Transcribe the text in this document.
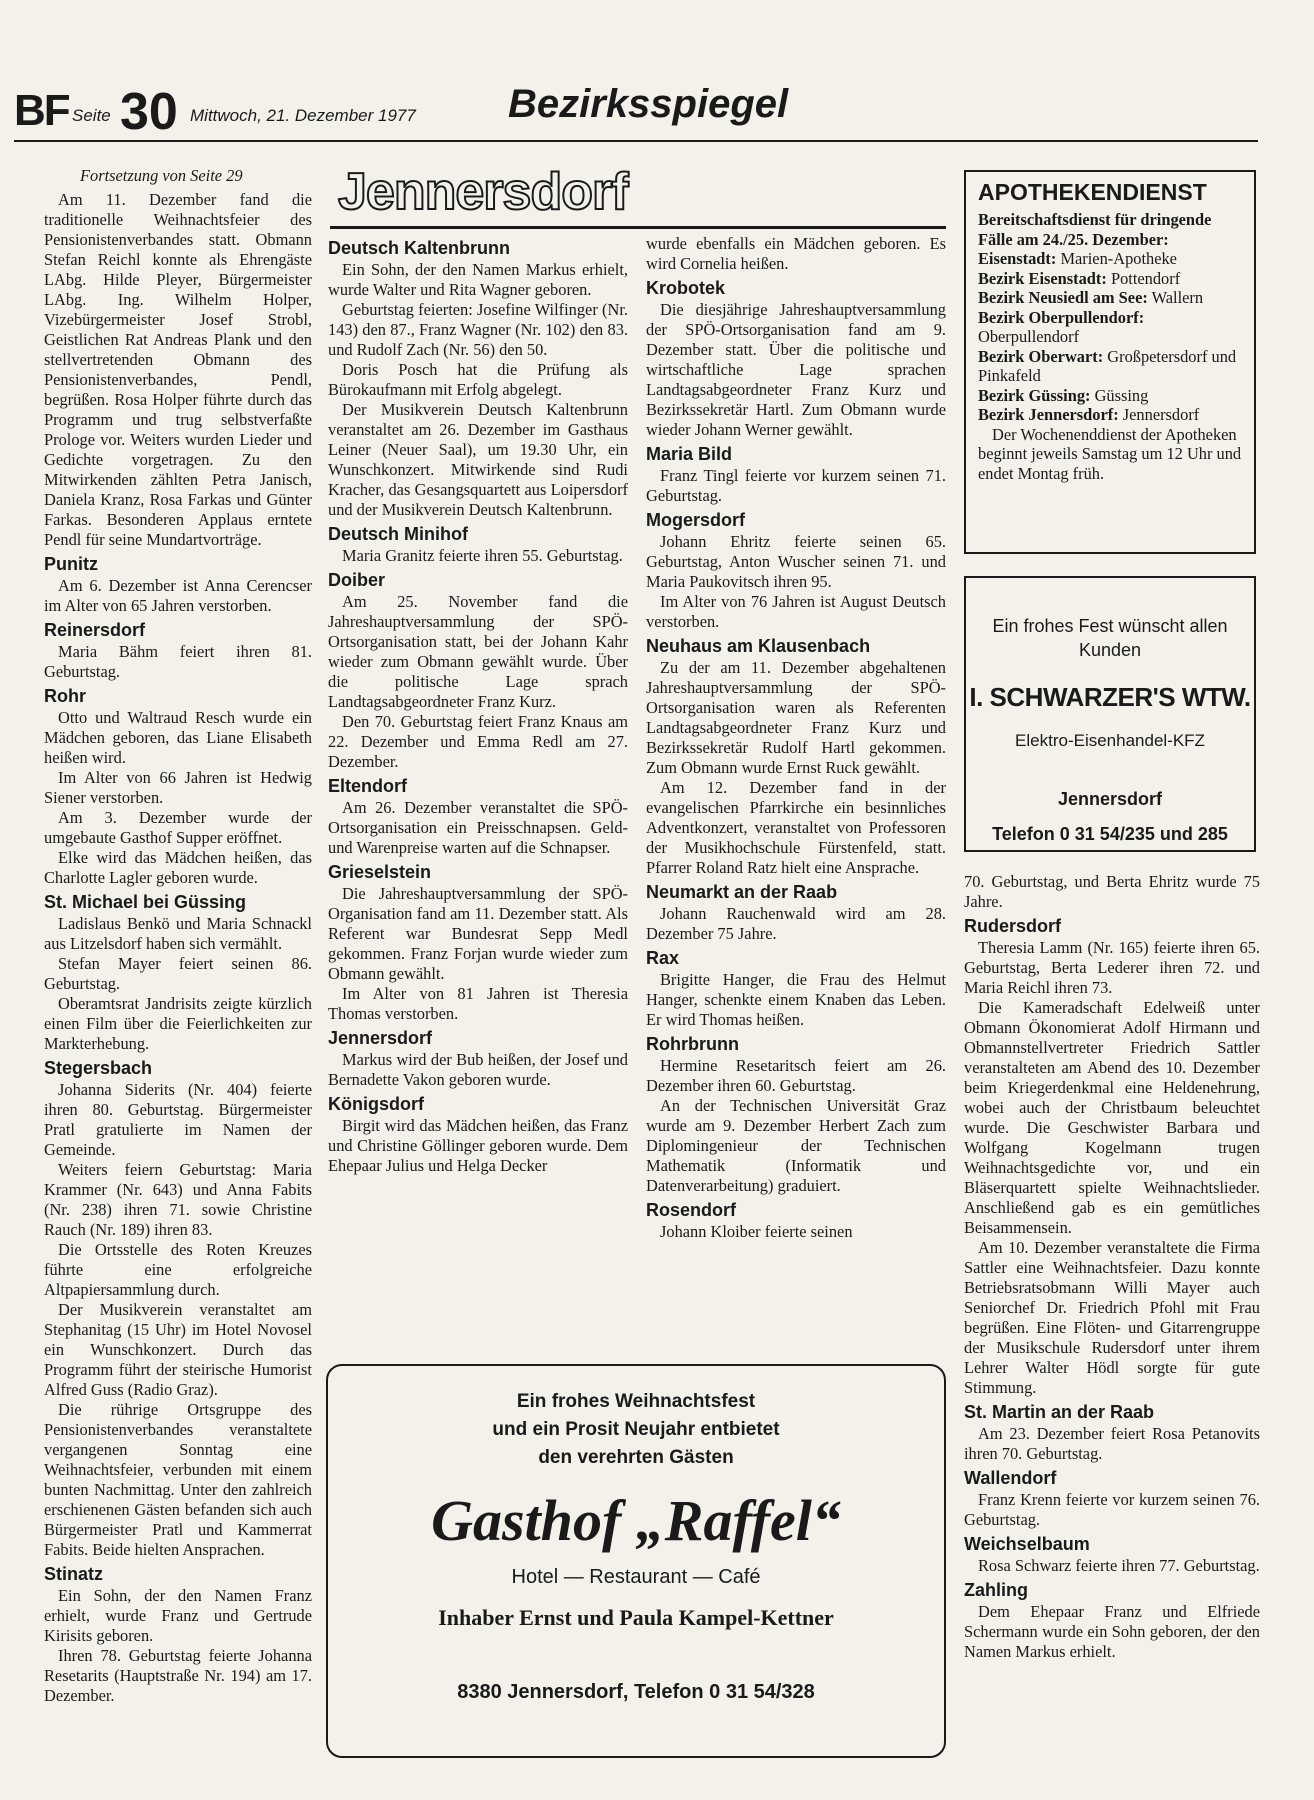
BF Seite 30 Mittwoch, 21. Dezember 1977 Bezirksspiegel

Fortsetzung von Seite 29

Am 11. Dezember fand die traditionelle Weihnachtsfeier des Pensionistenverbandes statt. Obmann Stefan Reichl konnte als Ehrengäste LAbg. Hilde Pleyer, Bürgermeister LAbg. Ing. Wilhelm Holper, Vizebürgermeister Josef Strobl, Geistlichen Rat Andreas Plank und den stellvertretenden Obmann des Pensionistenverbandes, Pendl, begrüßen. Rosa Holper führte durch das Programm und trug selbstverfaßte Prologe vor. Weiters wurden Lieder und Gedichte vorgetragen. Zu den Mitwirkenden zählten Petra Janisch, Daniela Kranz, Rosa Farkas und Günter Farkas. Besonderen Applaus erntete Pendl für seine Mundartvorträge.

Punitz

Am 6. Dezember ist Anna Cerencser im Alter von 65 Jahren verstorben.

Reinersdorf

Maria Bähm feiert ihren 81. Geburtstag.

Rohr

Otto und Waltraud Resch wurde ein Mädchen geboren, das Liane Elisabeth heißen wird.

Im Alter von 66 Jahren ist Hedwig Siener verstorben.

Am 3. Dezember wurde der umgebaute Gasthof Supper eröffnet.

Elke wird das Mädchen heißen, das Charlotte Lagler geboren wurde.

St. Michael bei Güssing

Ladislaus Benkö und Maria Schnackl aus Litzelsdorf haben sich vermählt.

Stefan Mayer feiert seinen 86. Geburtstag.

Oberamtsrat Jandrisits zeigte kürzlich einen Film über die Feierlichkeiten zur Markterhebung.

Stegersbach

Johanna Siderits (Nr. 404) feierte ihren 80. Geburtstag. Bürgermeister Pratl gratulierte im Namen der Gemeinde.

Weiters feiern Geburtstag: Maria Krammer (Nr. 643) und Anna Fabits (Nr. 238) ihren 71. sowie Christine Rauch (Nr. 189) ihren 83.

Die Ortsstelle des Roten Kreuzes führte eine erfolgreiche Altpapiersammlung durch.

Der Musikverein veranstaltet am Stephanitag (15 Uhr) im Hotel Novosel ein Wunschkonzert. Durch das Programm führt der steirische Humorist Alfred Guss (Radio Graz).

Die rührige Ortsgruppe des Pensionistenverbandes veranstaltete vergangenen Sonntag eine Weihnachtsfeier, verbunden mit einem bunten Nachmittag. Unter den zahlreich erschienenen Gästen befanden sich auch Bürgermeister Pratl und Kammerrat Fabits. Beide hielten Ansprachen.

Stinatz

Ein Sohn, der den Namen Franz erhielt, wurde Franz und Gertrude Kirisits geboren.

Ihren 78. Geburtstag feierte Johanna Resetarits (Hauptstraße Nr. 194) am 17. Dezember.

Jennersdorf
Deutsch Kaltenbrunn

Ein Sohn, der den Namen Markus erhielt, wurde Walter und Rita Wagner geboren.

Geburtstag feierten: Josefine Wilfinger (Nr. 143) den 87., Franz Wagner (Nr. 102) den 83. und Rudolf Zach (Nr. 56) den 50.

Doris Posch hat die Prüfung als Bürokaufmann mit Erfolg abgelegt.

Der Musikverein Deutsch Kaltenbrunn veranstaltet am 26. Dezember im Gasthaus Leiner (Neuer Saal), um 19.30 Uhr, ein Wunschkonzert. Mitwirkende sind Rudi Kracher, das Gesangsquartett aus Loipersdorf und der Musikverein Deutsch Kaltenbrunn.

Deutsch Minihof

Maria Granitz feierte ihren 55. Geburtstag.

Doiber

Am 25. November fand die Jahreshauptversammlung der SPÖ-Ortsorganisation statt, bei der Johann Kahr wieder zum Obmann gewählt wurde. Über die politische Lage sprach Landtagsabgeordneter Franz Kurz.

Den 70. Geburtstag feiert Franz Knaus am 22. Dezember und Emma Redl am 27. Dezember.

Eltendorf

Am 26. Dezember veranstaltet die SPÖ-Ortsorganisation ein Preisschnapsen. Geld- und Warenpreise warten auf die Schnapser.

Grieselstein

Die Jahreshauptversammlung der SPÖ-Organisation fand am 11. Dezember statt. Als Referent war Bundesrat Sepp Medl gekommen. Franz Forjan wurde wieder zum Obmann gewählt.

Im Alter von 81 Jahren ist Theresia Thomas verstorben.

Jennersdorf

Markus wird der Bub heißen, der Josef und Bernadette Vakon geboren wurde.

Königsdorf

Birgit wird das Mädchen heißen, das Franz und Christine Göllinger geboren wurde. Dem Ehepaar Julius und Helga Decker

wurde ebenfalls ein Mädchen geboren. Es wird Cornelia heißen.

Krobotek

Die diesjährige Jahreshauptversammlung der SPÖ-Ortsorganisation fand am 9. Dezember statt. Über die politische und wirtschaftliche Lage sprachen Landtagsabgeordneter Franz Kurz und Bezirkssekretär Hartl. Zum Obmann wurde wieder Johann Werner gewählt.

Maria Bild

Franz Tingl feierte vor kurzem seinen 71. Geburtstag.

Mogersdorf

Johann Ehritz feierte seinen 65. Geburtstag, Anton Wuscher seinen 71. und Maria Paukovitsch ihren 95.

Im Alter von 76 Jahren ist August Deutsch verstorben.

Neuhaus am Klausenbach

Zu der am 11. Dezember abgehaltenen Jahreshauptversammlung der SPÖ-Ortsorganisation waren als Referenten Landtagsabgeordneter Franz Kurz und Bezirkssekretär Rudolf Hartl gekommen. Zum Obmann wurde Ernst Ruck gewählt.

Am 12. Dezember fand in der evangelischen Pfarrkirche ein besinnliches Adventkonzert, veranstaltet von Professoren der Musikhochschule Fürstenfeld, statt. Pfarrer Roland Ratz hielt eine Ansprache.

Neumarkt an der Raab

Johann Rauchenwald wird am 28. Dezember 75 Jahre.

Rax

Brigitte Hanger, die Frau des Helmut Hanger, schenkte einem Knaben das Leben. Er wird Thomas heißen.

Rohrbrunn

Hermine Resetaritsch feiert am 26. Dezember ihren 60. Geburtstag.

An der Technischen Universität Graz wurde am 9. Dezember Herbert Zach zum Diplomingenieur der Technischen Mathematik (Informatik und Datenverarbeitung) graduiert.

Rosendorf

Johann Kloiber feierte seinen

APOTHEKENDIENST

Bereitschaftsdienst für dringende Fälle am 24./25. Dezember:

Eisenstadt: Marien-Apotheke

Bezirk Eisenstadt: Pottendorf

Bezirk Neusiedl am See: Wallern

Bezirk Oberpullendorf: Oberpullendorf

Bezirk Oberwart: Großpetersdorf und Pinkafeld

Bezirk Güssing: Güssing

Bezirk Jennersdorf: Jennersdorf

Der Wochenenddienst der Apotheken beginnt jeweils Samstag um 12 Uhr und endet Montag früh.

Ein frohes Fest wünscht allen Kunden
I. SCHWARZER'S WTW.
Elektro-Eisenhandel-KFZ
Jennersdorf
Telefon 0 31 54/235 und 285

70. Geburtstag, und Berta Ehritz wurde 75 Jahre.

Rudersdorf

Theresia Lamm (Nr. 165) feierte ihren 65. Geburtstag, Berta Lederer ihren 72. und Maria Reichl ihren 73.

Die Kameradschaft Edelweiß unter Obmann Ökonomierat Adolf Hirmann und Obmannstellvertreter Friedrich Sattler veranstalteten am Abend des 10. Dezember beim Kriegerdenkmal eine Heldenehrung, wobei auch der Christbaum beleuchtet wurde. Die Geschwister Barbara und Wolfgang Kogelmann trugen Weihnachtsgedichte vor, und ein Bläserquartett spielte Weihnachtslieder. Anschließend gab es ein gemütliches Beisammensein.

Am 10. Dezember veranstaltete die Firma Sattler eine Weihnachtsfeier. Dazu konnte Betriebsratsobmann Willi Mayer auch Seniorchef Dr. Friedrich Pfohl mit Frau begrüßen. Eine Flöten- und Gitarrengruppe der Musikschule Rudersdorf unter ihrem Lehrer Walter Hödl sorgte für gute Stimmung.

St. Martin an der Raab

Am 23. Dezember feiert Rosa Petanovits ihren 70. Geburtstag.

Wallendorf

Franz Krenn feierte vor kurzem seinen 76. Geburtstag.

Weichselbaum

Rosa Schwarz feierte ihren 77. Geburtstag.

Zahling

Dem Ehepaar Franz und Elfriede Schermann wurde ein Sohn geboren, der den Namen Markus erhielt.

Ein frohes Weihnachtsfest
und ein Prosit Neujahr entbietet
den verehrten Gästen
Gasthof „Raffel“
Hotel — Restaurant — Café
Inhaber Ernst und Paula Kampel-Kettner
8380 Jennersdorf, Telefon 0 31 54/328
